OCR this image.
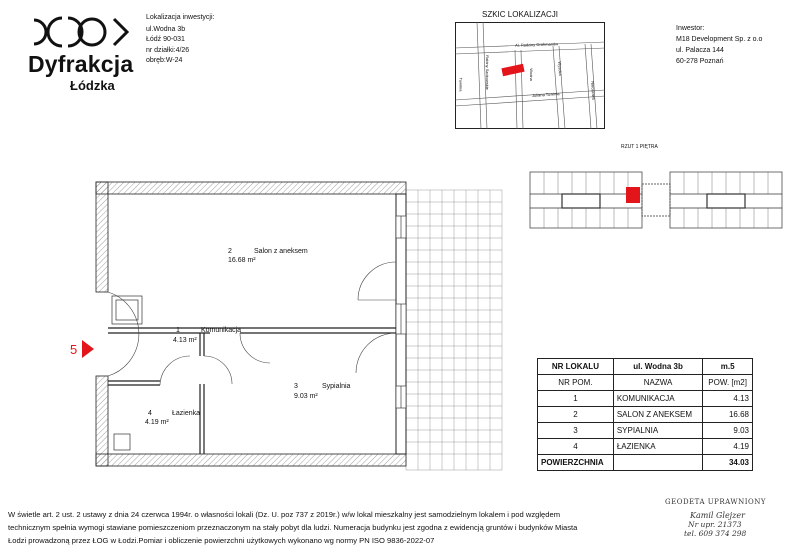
Dyfrakcja
Łódzka
Lokalizacja inwestycji:
ul.Wodna 3b
Łódź 90-031
nr działki:4/26
obręb:W-24
SZKIC LOKALIZACJI
Al. Rodziny Grohmanów
Rabiny Szokowskie
Tuwima
Wodna
Juliana Tuwima
Wysoka
Niecałowa
Inwestor:
M18 Development Sp. z o.o
ul. Palacza 144
60-278 Poznań
RZUT 1 PIĘTRA
5
2	Salon z aneksem
16.68 m²
1	Komunikacja
4.13 m²
3	Sypialnia
9.03 m²
4	Łazienka
4.19 m²
NR LOKALU	ul. Wodna 3b	m.5
NR POM.	NAZWA	POW. [m2]
1	KOMUNIKACJA	4.13
2	SALON Z ANEKSEM	16.68
3	SYPIALNIA	9.03
4	ŁAZIENKA	4.19
POWIERZCHNIA		34.03
W świetle art. 2 ust. 2 ustawy z dnia 24 czerwca 1994r. o własności lokali (Dz. U. poz 737 z 2019r.) w/w lokal mieszkalny jest samodzielnym lokalem i pod względem
technicznym spełnia wymogi stawiane pomieszczeniom przeznaczonym na stały pobyt dla ludzi. Numeracja budynku jest zgodna z ewidencją gruntów i budynków Miasta
Łodzi prowadzoną przez ŁOG w Łodzi.Pomiar i obliczenie powierzchni użytkowych wykonano wg normy PN ISO 9836-2022-07
GEODETA UPRAWNIONY
Kamil Glejzer
Nr upr. 21373
tel. 609 374 298
